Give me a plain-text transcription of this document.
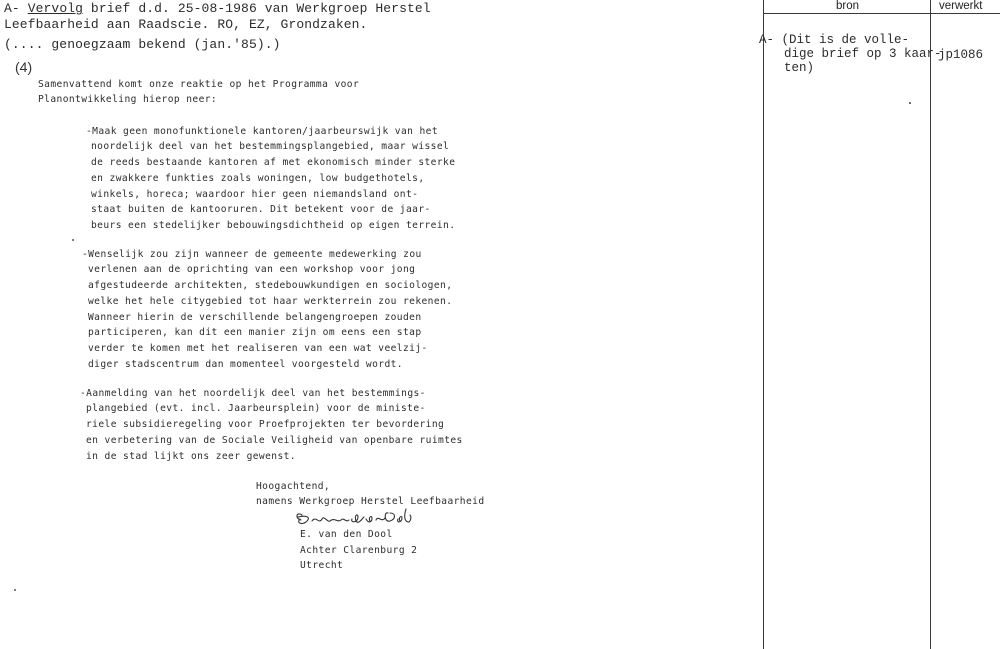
A- Vervolg brief d.d. 25-08-1986 van Werkgroep Herstel
Leefbaarheid aan Raadscie. RO, EZ, Grondzaken.
(.... genoegzaam bekend (jan.'85).)
(4)

Samenvattend komt onze reaktie op het Programma voor
Planontwikkeling hierop neer:

-Maak geen monofunktionele kantoren/jaarbeurswijk van het
noordelijk deel van het bestemmingsplangebied, maar wissel
de reeds bestaande kantoren af met ekonomisch minder sterke
en zwakkere funkties zoals woningen, low budgethotels,
winkels, horeca; waardoor hier geen niemandsland ont-
staat buiten de kantooruren. Dit betekent voor de jaar-
beurs een stedelijker bebouwingsdichtheid op eigen terrein.

-Wenselijk zou zijn wanneer de gemeente medewerking zou
verlenen aan de oprichting van een workshop voor jong
afgestudeerde architekten, stedebouwkundigen en sociologen,
welke het hele citygebied tot haar werkterrein zou rekenen.
Wanneer hierin de verschillende belangengroepen zouden
participeren, kan dit een manier zijn om eens een stap
verder te komen met het realiseren van een wat veelzij-
diger stadscentrum dan momenteel voorgesteld wordt.

-Aanmelding van het noordelijk deel van het bestemmings-
plangebied (evt. incl. Jaarbeursplein) voor de ministe-
riele subsidieregeling voor Proefprojekten ter bevordering
en verbetering van de Sociale Veiligheid van openbare ruimtes
in de stad lijkt ons zeer gewenst.
Hoogachtend,
namens Werkgroep Herstel Leefbaarheid
E. van den Dool
Achter Clarenburg 2
Utrecht
bron	verwerkt

A- (Dit is de volle-
dige brief op 3 kaar-
ten)
jp1086
